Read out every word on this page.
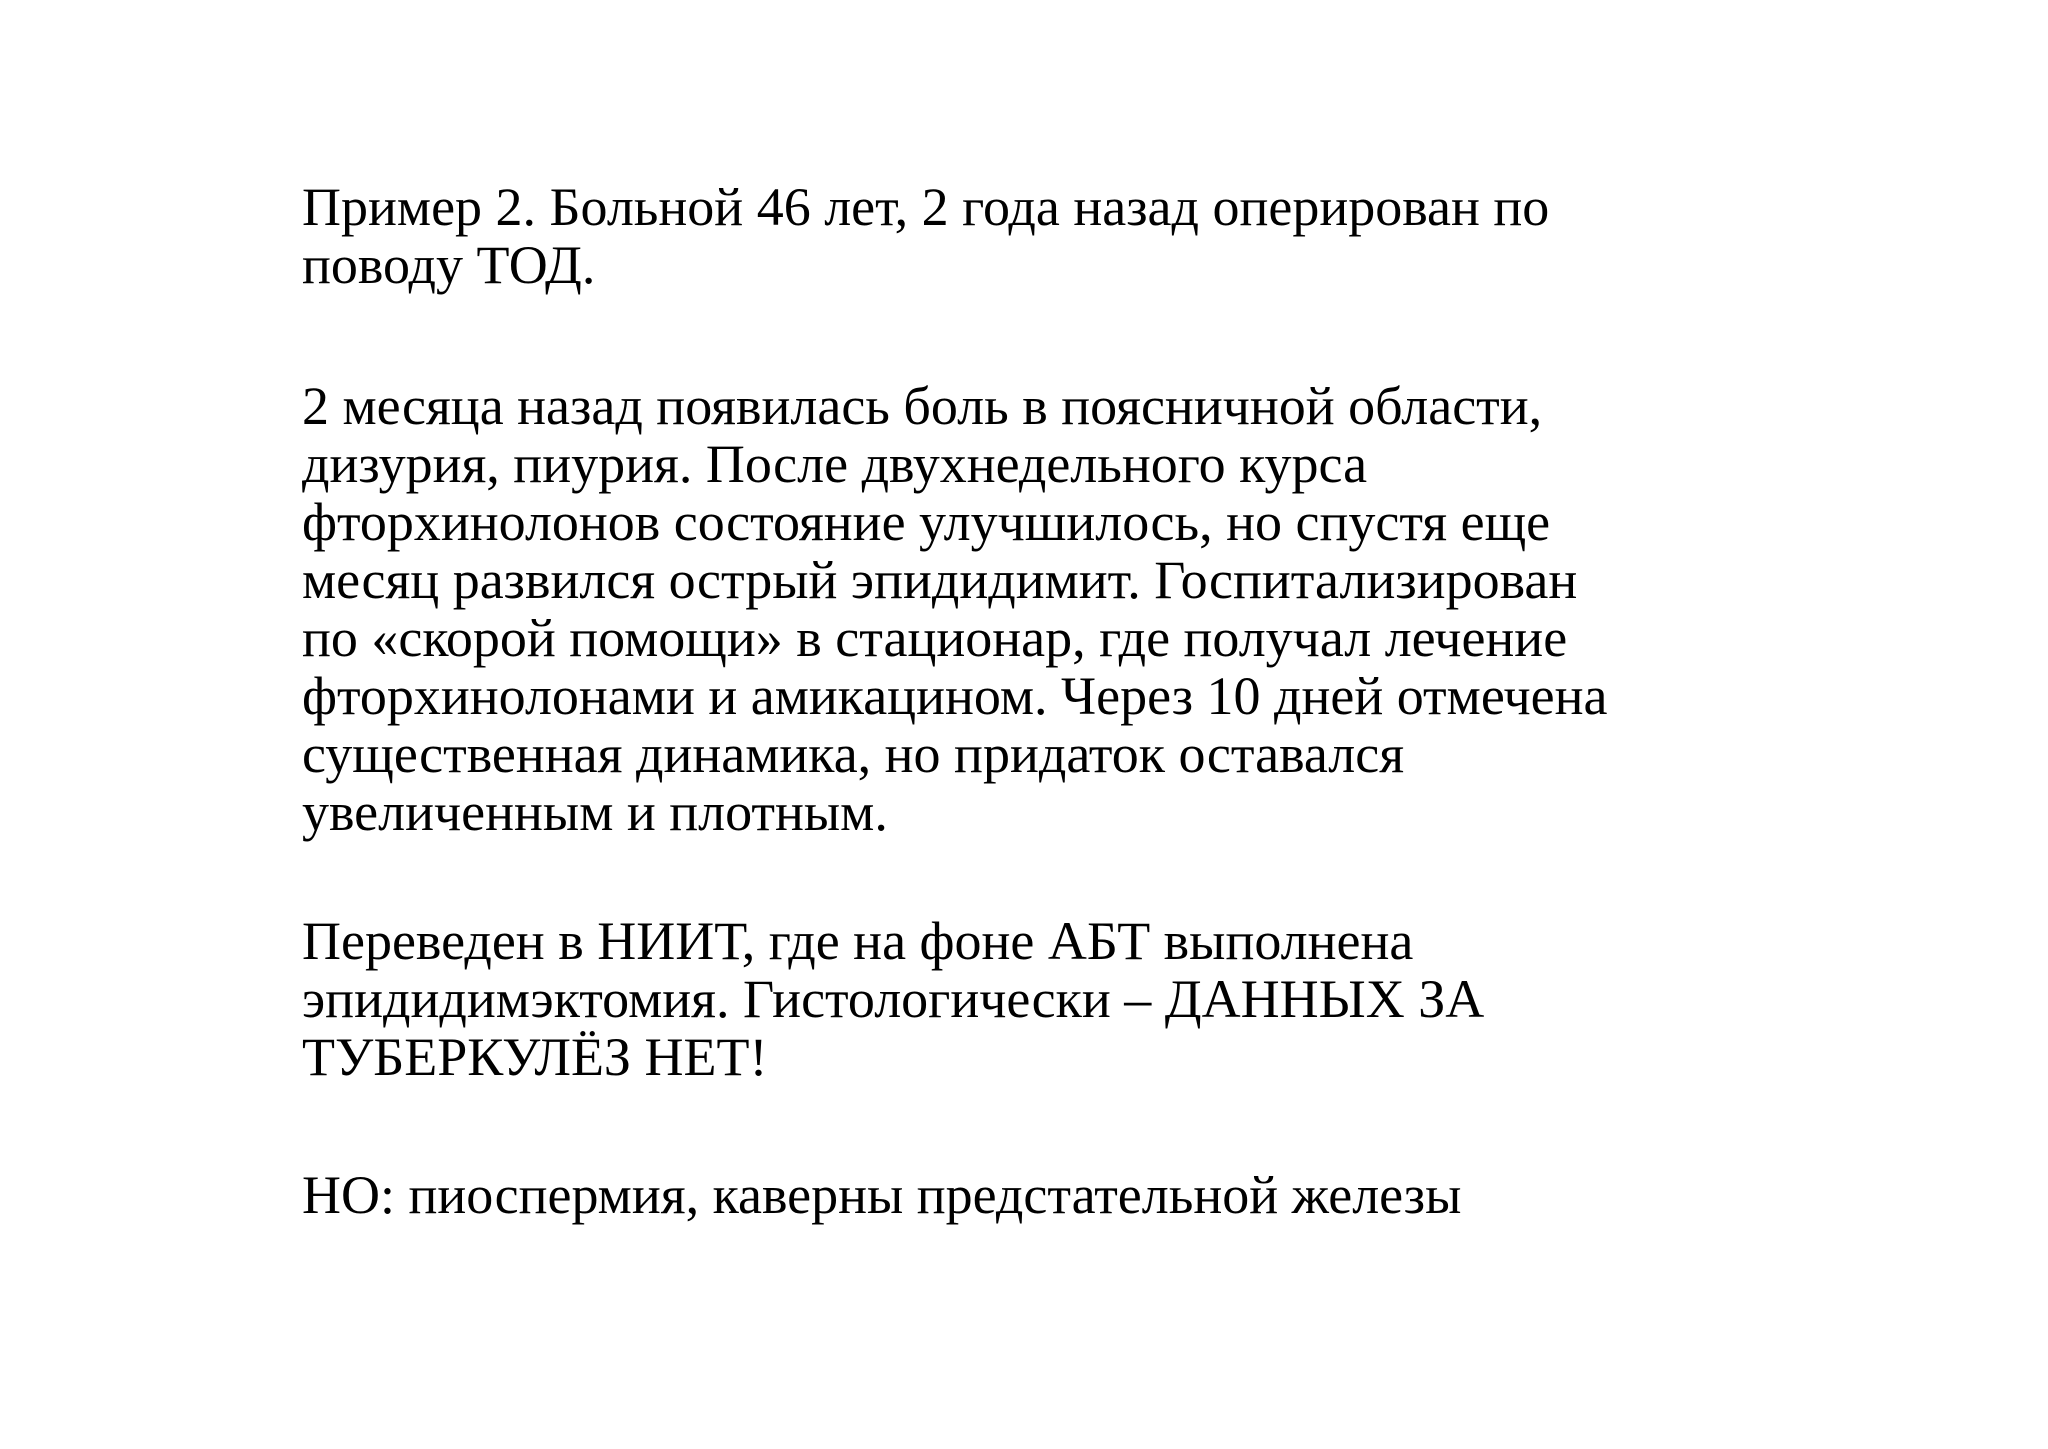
Пример 2. Больной 46 лет, 2 года назад оперирован по
поводу ТОД.

2 месяца назад появилась боль в поясничной области,
дизурия, пиурия. После двухнедельного курса
фторхинолонов состояние улучшилось, но спустя еще
месяц развился острый эпидидимит. Госпитализирован
по «скорой помощи» в стационар, где получал лечение
фторхинолонами и амикацином. Через 10 дней отмечена
существенная динамика, но придаток оставался
увеличенным и плотным.

Переведен в НИИТ, где на фоне АБТ выполнена
эпидидимэктомия. Гистологически – ДАННЫХ ЗА
ТУБЕРКУЛЁЗ НЕТ!

НО: пиоспермия, каверны предстательной железы
